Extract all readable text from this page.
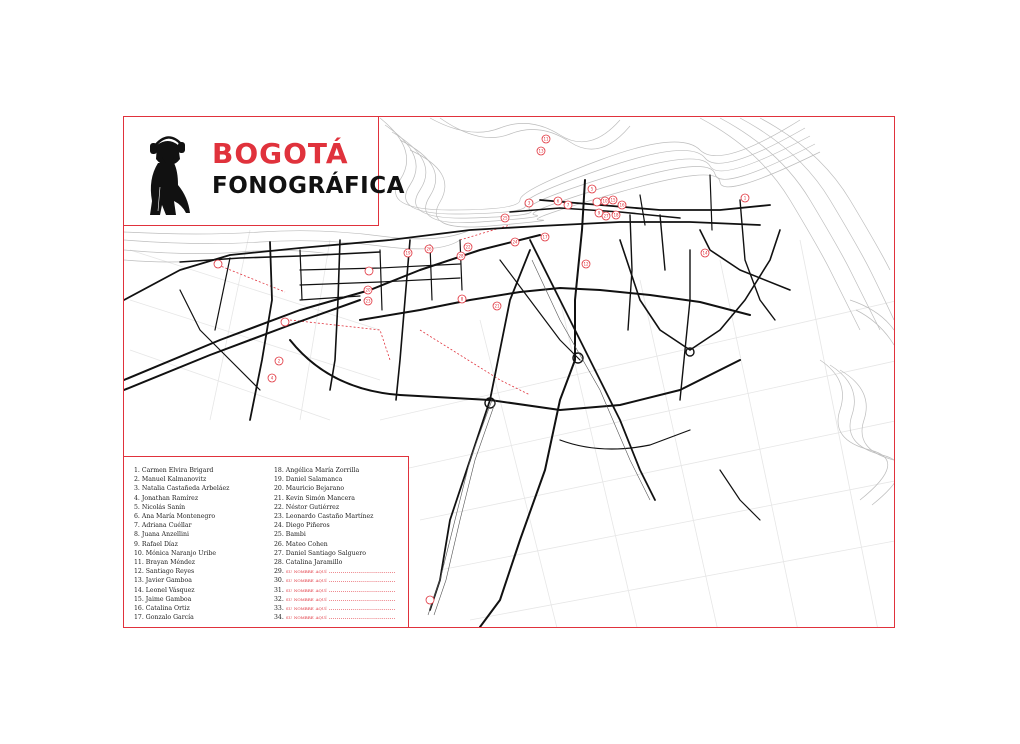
1
2
3
4
5
6
7
8
9
10
11
12
13
14
15
16
17
18
19
20
21
22
23
24
25
26
27
28
BOGOTÁ
FONOGRÁFICA
1. Carmen Elvira Brigard
2. Manuel Kalmanovitz
3. Natalia Castañeda Arbeláez
4. Jonathan Ramírez
5. Nicolás Sanín
6. Ana María Montenegro
7. Adriana Cuéllar
8. Juana Anzellini
9. Rafael Díaz
10. Mónica Naranjo Uribe
11. Brayan Méndez
12. Santiago Reyes
13. Javier Gamboa
14. Leonel Vásquez
15. Jaime Gamboa
16. Catalina Ortiz
17. Gonzalo García
18. Angélica María Zorrilla
19. Daniel Salamanca
20. Mauricio Bejarano
21. Kevin Simón Mancera
22. Néstor Gutiérrez
23. Leonardo Castaño Martínez
24. Diego Piñeros
25. Bambi
26. Mateo Cohen
27. Daniel Santiago Salguero
28. Catalina Jaramillo
29. su nombre aquí ..................................
30. su nombre aquí ..................................
31. su nombre aquí ..................................
32. su nombre aquí ..................................
33. su nombre aquí ..................................
34. su nombre aquí ..................................
